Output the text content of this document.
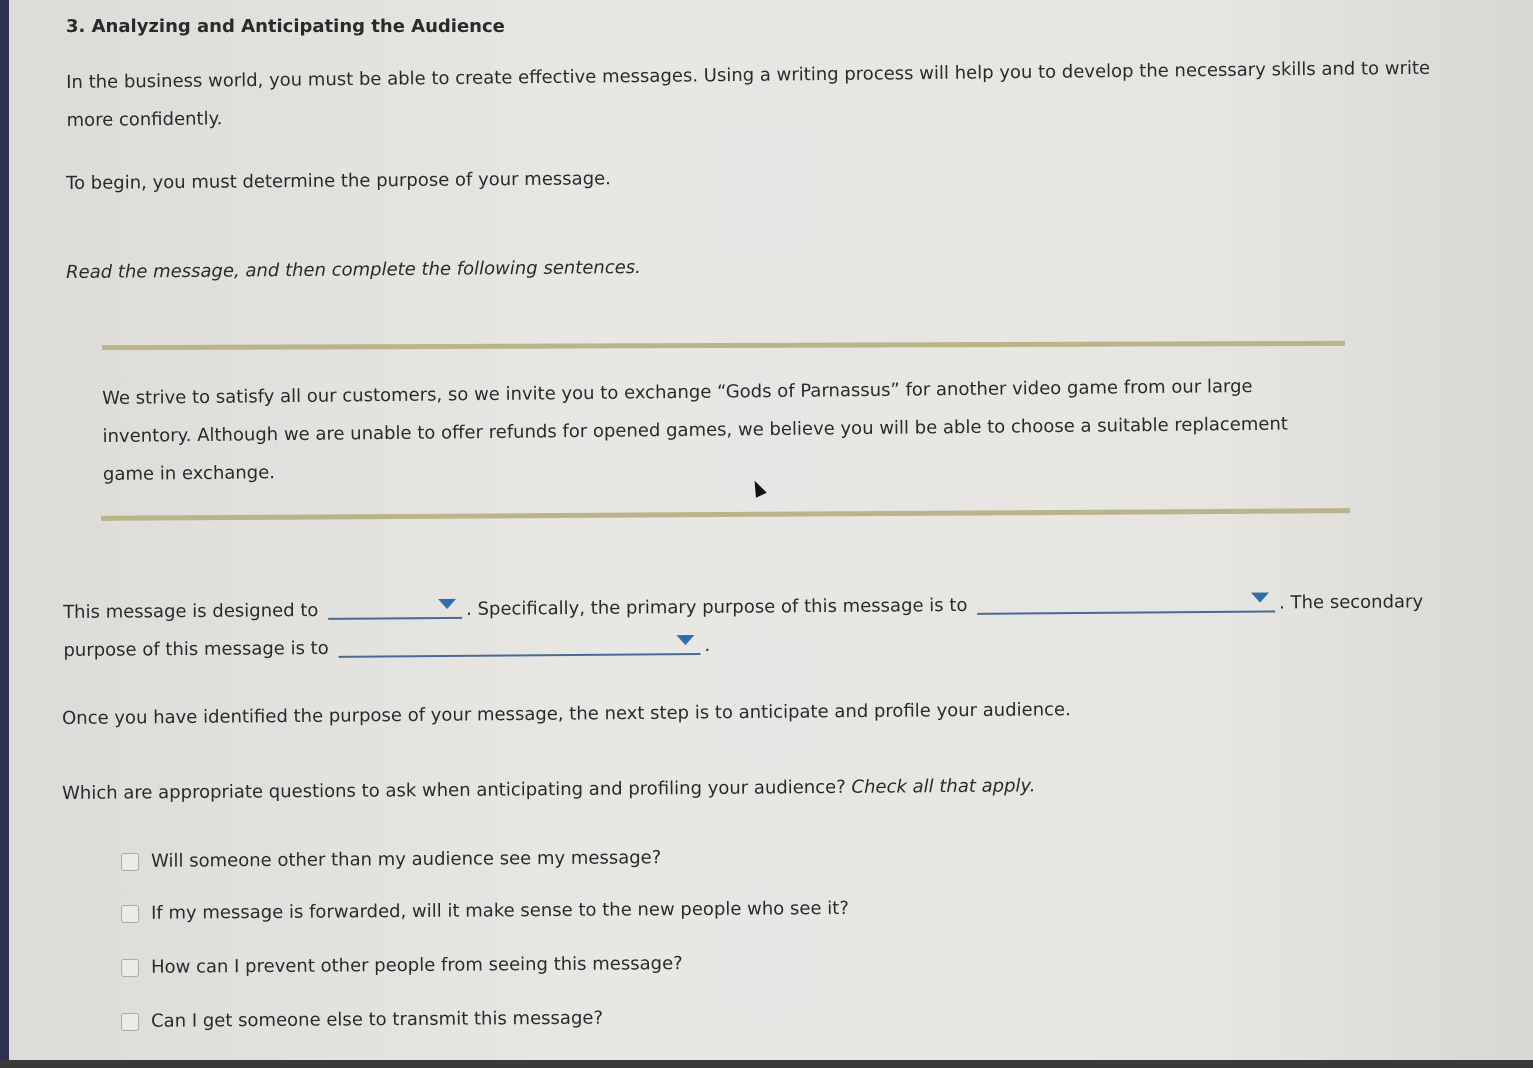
3. Analyzing and Anticipating the Audience

In the business world, you must be able to create effective messages. Using a writing process will help you to develop the necessary skills and to write more confidently.

To begin, you must determine the purpose of your message.

Read the message, and then complete the following sentences.

We strive to satisfy all our customers, so we invite you to exchange “Gods of Parnassus” for another video game from our large inventory. Although we are unable to offer refunds for opened games, we believe you will be able to choose a suitable replacement game in exchange.

This message is designed to	. Specifically, the primary purpose of this message is to	. The secondary purpose of this message is to	.

Once you have identified the purpose of your message, the next step is to anticipate and profile your audience.

Which are appropriate questions to ask when anticipating and profiling your audience? Check all that apply.

Will someone other than my audience see my message?

If my message is forwarded, will it make sense to the new people who see it?

How can I prevent other people from seeing this message?

Can I get someone else to transmit this message?
